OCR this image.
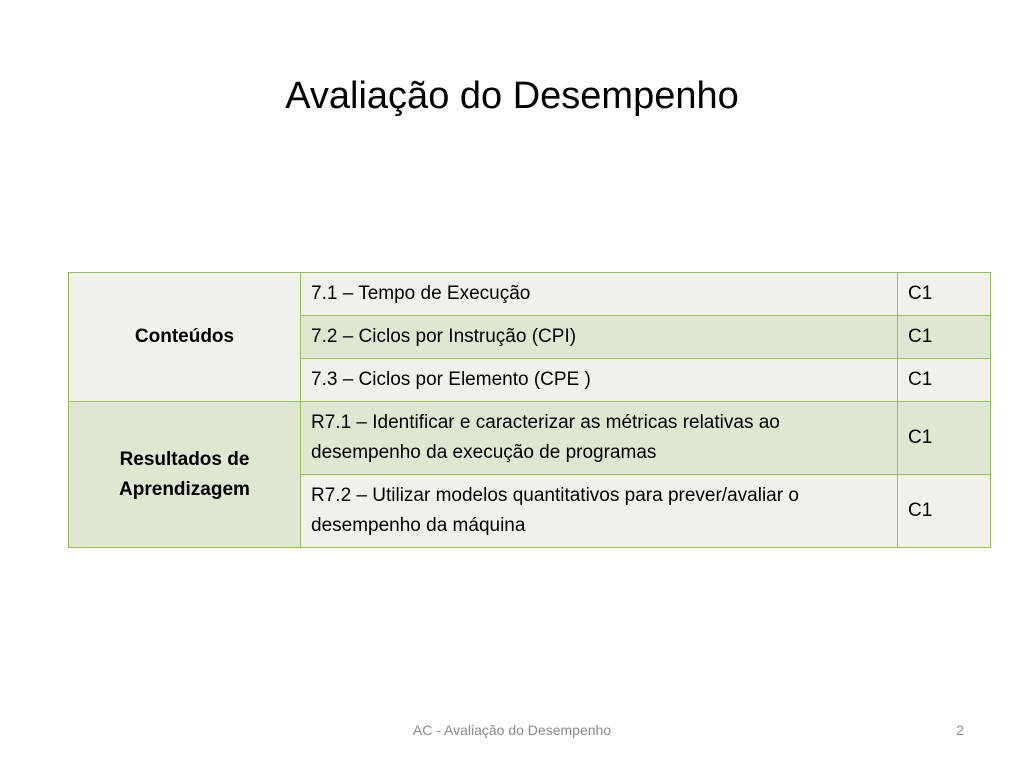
Avaliação do Desempenho
Conteúdos	7.1 – Tempo de Execução	C1
	7.2 – Ciclos por Instrução (CPI)	C1
	7.3 – Ciclos por Elemento (CPE )	C1
Resultados de Aprendizagem	R7.1 – Identificar e caracterizar as métricas relativas ao desempenho da execução de programas	C1
	R7.2 – Utilizar modelos quantitativos para prever/avaliar o desempenho da máquina	C1
AC - Avaliação do Desempenho	2
